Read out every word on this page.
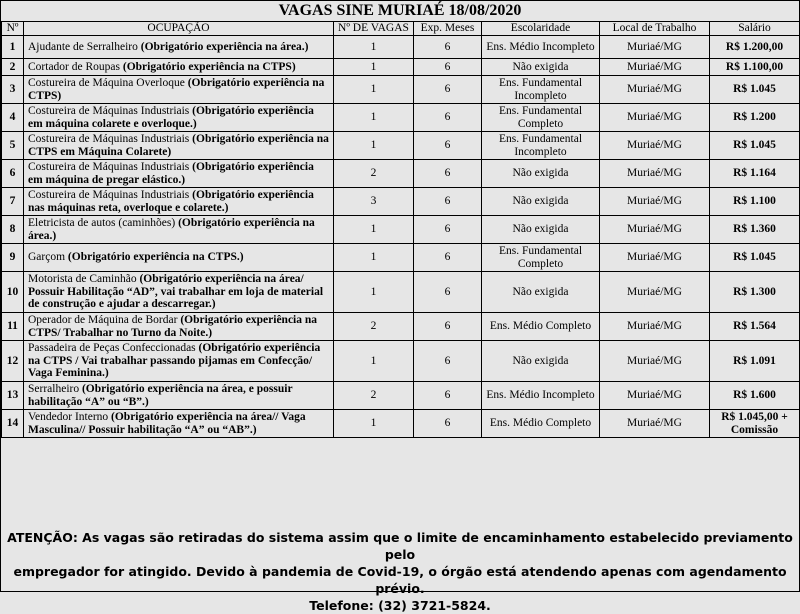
VAGAS SINE MURIAÉ 18/08/2020
Nº	OCUPAÇÃO	Nº DE VAGAS	Exp. Meses	Escolaridade	Local de Trabalho	Salário
1	Ajudante de Serralheiro (Obrigatório experiência na área.)	1	6	Ens. Médio Incompleto	Muriaé/MG	R$ 1.200,00
2	Cortador de Roupas (Obrigatório experiência na CTPS)	1	6	Não exigida	Muriaé/MG	R$ 1.100,00
3	Costureira de Máquina Overloque (Obrigatório experiência na CTPS)	1	6	Ens. Fundamental Incompleto	Muriaé/MG	R$ 1.045
4	Costureira de Máquinas Industriais (Obrigatório experiência em máquina colarete e overloque.)	1	6	Ens. Fundamental Completo	Muriaé/MG	R$ 1.200
5	Costureira de Máquinas Industriais (Obrigatório experiência na CTPS em Máquina Colarete)	1	6	Ens. Fundamental Incompleto	Muriaé/MG	R$ 1.045
6	Costureira de Máquinas Industriais (Obrigatório experiência em máquina de pregar elástico.)	2	6	Não exigida	Muriaé/MG	R$ 1.164
7	Costureira de Máquinas Industriais (Obrigatório experiência nas máquinas reta, overloque e colarete.)	3	6	Não exigida	Muriaé/MG	R$ 1.100
8	Eletricista de autos (caminhões) (Obrigatório experiência na área.)	1	6	Não exigida	Muriaé/MG	R$ 1.360
9	Garçom (Obrigatório experiência na CTPS.)	1	6	Ens. Fundamental Completo	Muriaé/MG	R$ 1.045
10	Motorista de Caminhão (Obrigatório experiência na área/ Possuir Habilitação “AD”, vai trabalhar em loja de material de construção e ajudar a descarregar.)	1	6	Não exigida	Muriaé/MG	R$ 1.300
11	Operador de Máquina de Bordar (Obrigatório experiência na CTPS/ Trabalhar no Turno da Noite.)	2	6	Ens. Médio Completo	Muriaé/MG	R$ 1.564
12	Passadeira de Peças Confeccionadas (Obrigatório experiência na CTPS / Vai trabalhar passando pijamas em Confecção/ Vaga Feminina.)	1	6	Não exigida	Muriaé/MG	R$ 1.091
13	Serralheiro (Obrigatório experiência na área, e possuir habilitação “A” ou “B”.)	2	6	Ens. Médio Incompleto	Muriaé/MG	R$ 1.600
14	Vendedor Interno (Obrigatório experiência na área// Vaga Masculina// Possuir habilitação “A” ou “AB”.)	1	6	Ens. Médio Completo	Muriaé/MG	R$ 1.045,00 + Comissão
ATENÇÃO: As vagas são retiradas do sistema assim que o limite de encaminhamento estabelecido previamento pelo
empregador for atingido. Devido à pandemia de Covid-19, o órgão está atendendo apenas com agendamento prévio.
Telefone: (32) 3721-5824.
